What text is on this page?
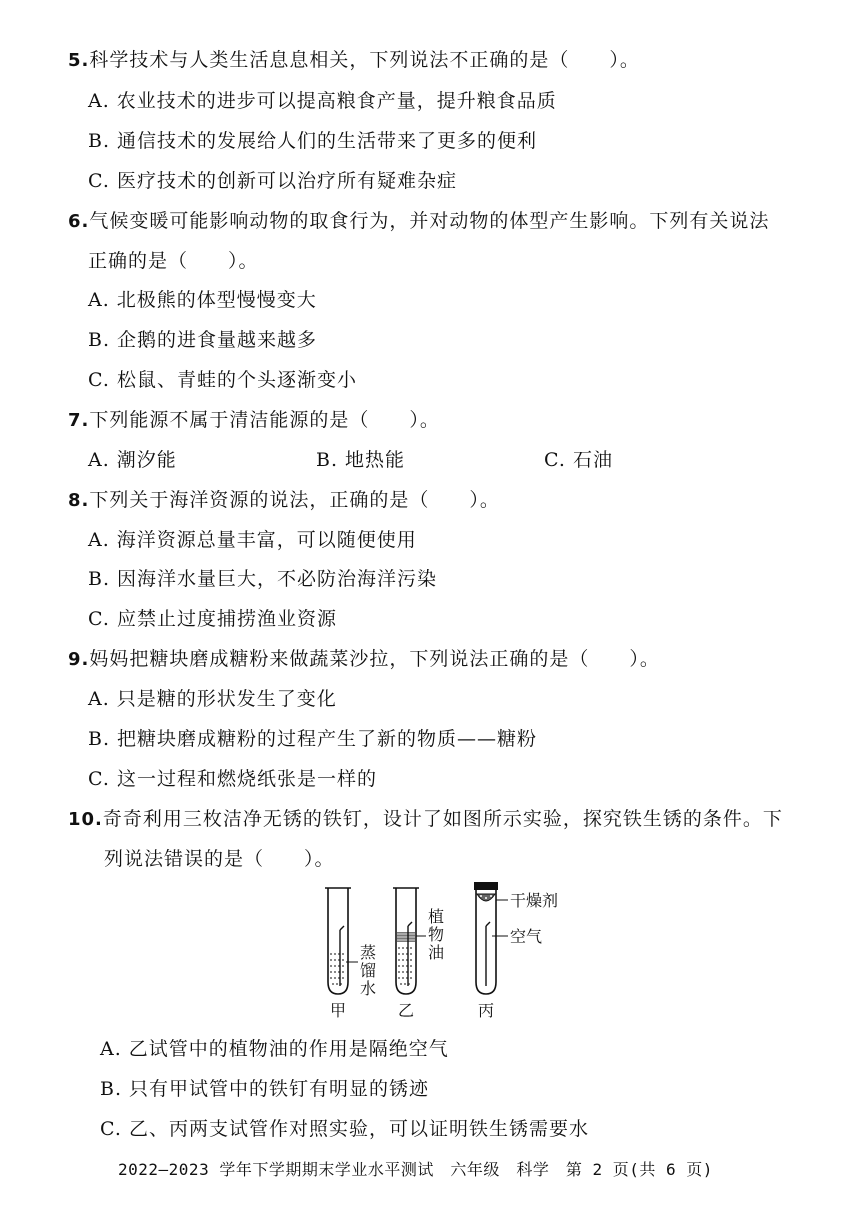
5.科学技术与人类生活息息相关，下列说法不正确的是（　　）。
A. 农业技术的进步可以提高粮食产量，提升粮食品质
B. 通信技术的发展给人们的生活带来了更多的便利
C. 医疗技术的创新可以治疗所有疑难杂症
6.气候变暖可能影响动物的取食行为，并对动物的体型产生影响。下列有关说法
正确的是（　　）。
A. 北极熊的体型慢慢变大
B. 企鹅的进食量越来越多
C. 松鼠、青蛙的个头逐渐变小
7.下列能源不属于清洁能源的是（　　）。
A. 潮汐能	B. 地热能	C. 石油
8.下列关于海洋资源的说法，正确的是（　　）。
A. 海洋资源总量丰富，可以随便使用
B. 因海洋水量巨大，不必防治海洋污染
C. 应禁止过度捕捞渔业资源
9.妈妈把糖块磨成糖粉来做蔬菜沙拉，下列说法正确的是（　　）。
A. 只是糖的形状发生了变化
B. 把糖块磨成糖粉的过程产生了新的物质——糖粉
C. 这一过程和燃烧纸张是一样的
10.奇奇利用三枚洁净无锈的铁钉，设计了如图所示实验，探究铁生锈的条件。下
列说法错误的是（　　）。
蒸
馏
水
植
物
油
干燥剂
空气
甲	乙	丙
A. 乙试管中的植物油的作用是隔绝空气
B. 只有甲试管中的铁钉有明显的锈迹
C. 乙、丙两支试管作对照实验，可以证明铁生锈需要水
2022—2023 学年下学期期末学业水平测试　六年级　科学　第 2 页(共 6 页)
